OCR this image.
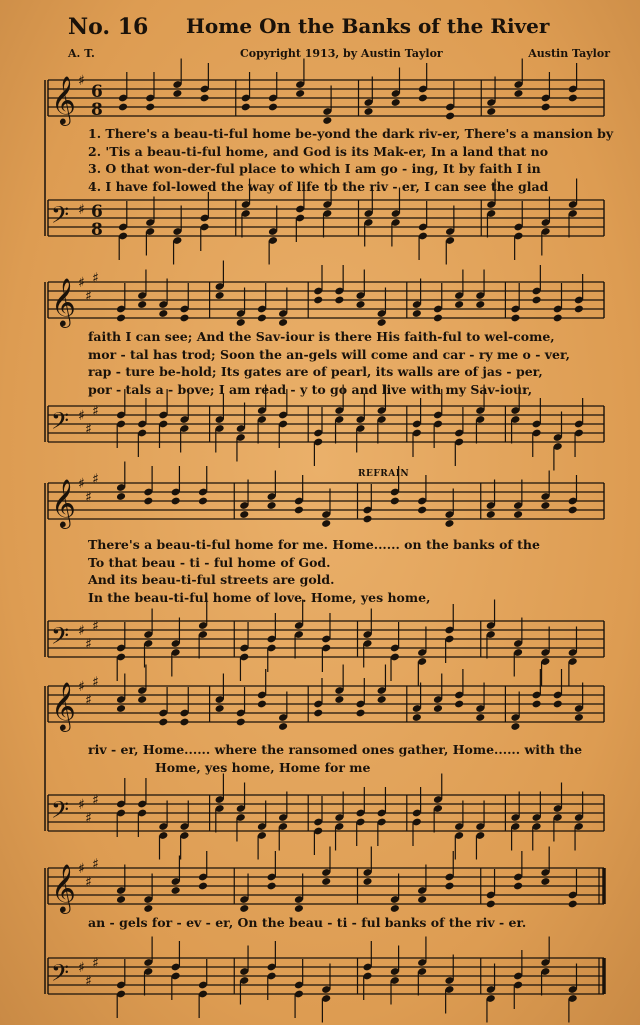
No. 16 Home On the Banks of the River
A. T.	Copyright 1913, by Austin Taylor	Austin Taylor
𝄞 ♯
6
8
𝄢 ♯ 6
8
𝄞 ♯
♯
♯
𝄢 ♯
♯
♯
𝄞 ♯
♯
♯
𝄢 ♯
♯
♯
𝄞 ♯
♯
♯
𝄢 ♯
♯
♯
𝄞 ♯
♯
♯
𝄢 ♯
♯
♯
1. There's a beau-ti-ful home be-yond the dark riv-er, There's a mansion by
2. 'Tis a beau-ti-ful home, and God is its Mak-er, In a land that no
3. O that won-der-ful place to which I am go - ing, It by faith I in
4. I have fol-lowed the way of life to the riv - er, I can see the glad
faith I can see; And the Sav-iour is there His faith-ful to wel-come,
mor - tal has trod; Soon the an-gels will come and car - ry me o - ver,
rap - ture be-hold; Its gates are of pearl, its walls are of jas - per,
por - tals a - bove; I am read - y to go and live with my Sav-iour,
There's a beau-ti-ful home for me. Home...... on the banks of the
To that beau - ti - ful home of God.
And its beau-ti-ful streets are gold.
In the beau-ti-ful home of love. Home, yes home,
REFRAIN
riv - er, Home...... where the ransomed ones gather, Home...... with the
Home, yes home, Home for me
an - gels for - ev - er, On the beau - ti - ful banks of the riv - er.
